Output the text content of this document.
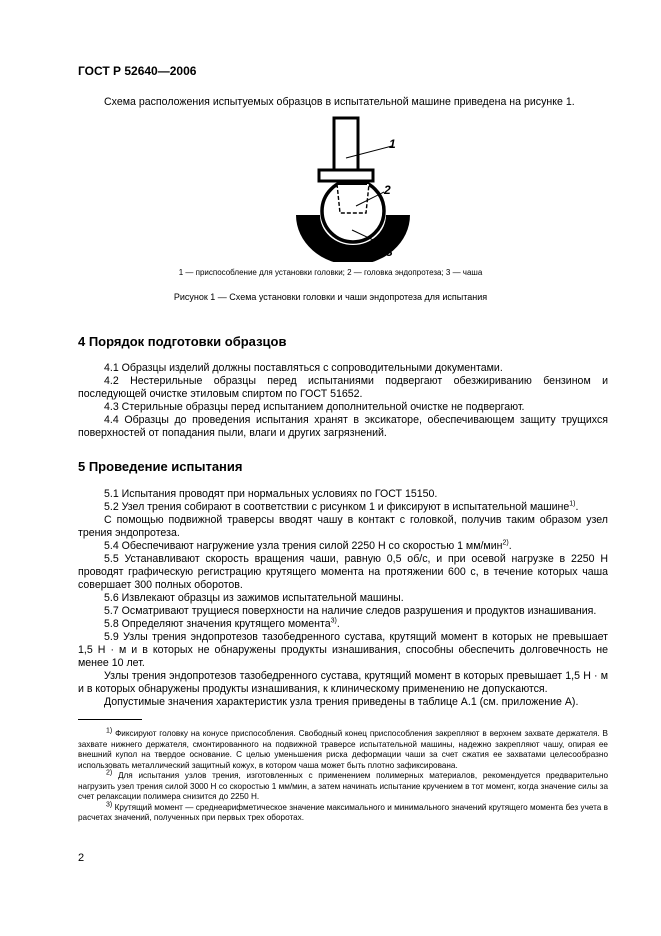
ГОСТ Р 52640—2006
Схема расположения испытуемых образцов в испытательной машине приведена на рисунке 1.
1
2
3
1 — приспособление для установки головки; 2 — головка эндопротеза; 3 — чаша
Рисунок 1 — Схема установки головки и чаши эндопротеза для испытания
4 Порядок подготовки образцов
4.1 Образцы изделий должны поставляться с сопроводительными документами.
4.2 Нестерильные образцы перед испытаниями подвергают обезжириванию бензином и последующей очистке этиловым спиртом по ГОСТ 51652.
4.3 Стерильные образцы перед испытанием дополнительной очистке не подвергают.
4.4 Образцы до проведения испытания хранят в эксикаторе, обеспечивающем защиту трущихся поверхностей от попадания пыли, влаги и других загрязнений.
5 Проведение испытания
5.1 Испытания проводят при нормальных условиях по ГОСТ 15150.
5.2 Узел трения собирают в соответствии с рисунком 1 и фиксируют в испытательной машине$^{1)}$.
С помощью подвижной траверсы вводят чашу в контакт с головкой, получив таким образом узел трения эндопротеза.
5.4 Обеспечивают нагружение узла трения силой 2250 Н со скоростью 1 мм/мин$^{2)}$.
5.5 Устанавливают скорость вращения чаши, равную 0,5 об/с, и при осевой нагрузке в 2250 Н проводят графическую регистрацию крутящего момента на протяжении 600 с, в течение которых чаша совершает 300 полных оборотов.
5.6 Извлекают образцы из зажимов испытательной машины.
5.7 Осматривают трущиеся поверхности на наличие следов разрушения и продуктов изнашивания.
5.8 Определяют значения крутящего момента$^{3)}$.
5.9 Узлы трения эндопротезов тазобедренного сустава, крутящий момент в которых не превышает 1,5 Н · м и в которых не обнаружены продукты изнашивания, способны обеспечить долговечность не менее 10 лет.
Узлы трения эндопротезов тазобедренного сустава, крутящий момент в которых превышает 1,5 Н · м и в которых обнаружены продукты изнашивания, к клиническому применению не допускаются.
Допустимые значения характеристик узла трения приведены в таблице А.1 (см. приложение А).
$^{1)}$ Фиксируют головку на конусе приспособления. Свободный конец приспособления закрепляют в верхнем захвате держателя. В захвате нижнего держателя, смонтированного на подвижной траверсе испытательной машины, надежно закрепляют чашу, опирая ее внешний купол на твердое основание. С целью уменьшения риска деформации чаши за счет сжатия ее захватами целесообразно использовать металлический защитный кожух, в котором чаша может быть плотно зафиксирована.
$^{2)}$ Для испытания узлов трения, изготовленных с применением полимерных материалов, рекомендуется предварительно нагрузить узел трения силой 3000 Н со скоростью 1 мм/мин, а затем начинать испытание кручением в тот момент, когда значение силы за счет релаксации полимера снизится до 2250 Н.
$^{3)}$ Крутящий момент — среднеарифметическое значение максимального и минимального значений крутящего момента без учета в расчетах значений, полученных при первых трех оборотах.
2
